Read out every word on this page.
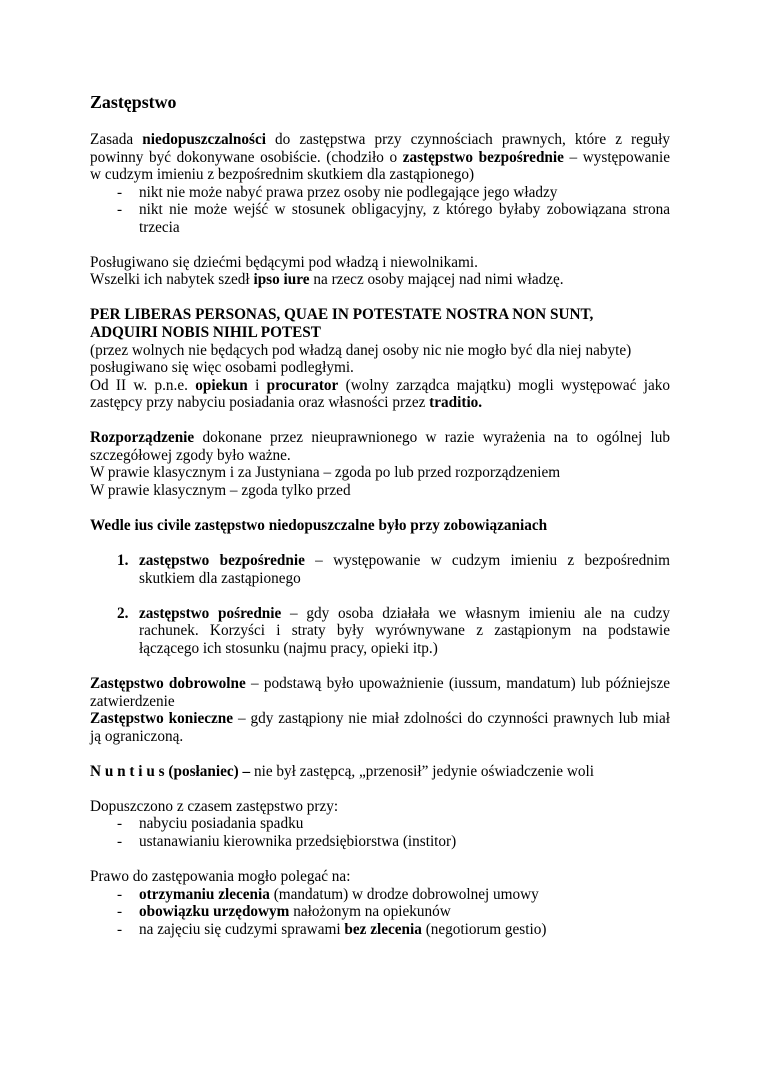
Zastępstwo
Zasada niedopuszczalności do zastępstwa przy czynnościach prawnych, które z reguły
powinny być dokonywane osobiście. (chodziło o zastępstwo bezpośrednie – występowanie
w cudzym imieniu z bezpośrednim skutkiem dla zastąpionego)
- nikt nie może nabyć prawa przez osoby nie podlegające jego władzy
- nikt nie może wejść w stosunek obligacyjny, z którego byłaby zobowiązana strona
trzecia
Posługiwano się dziećmi będącymi pod władzą i niewolnikami.
Wszelki ich nabytek szedł ipso iure na rzecz osoby mającej nad nimi władzę.
PER LIBERAS PERSONAS, QUAE IN POTESTATE NOSTRA NON SUNT,
ADQUIRI NOBIS NIHIL POTEST
(przez wolnych nie będących pod władzą danej osoby nic nie mogło być dla niej nabyte)
posługiwano się więc osobami podległymi.
Od II w. p.n.e. opiekun i procurator (wolny zarządca majątku) mogli występować jako
zastępcy przy nabyciu posiadania oraz własności przez traditio.
Rozporządzenie dokonane przez nieuprawnionego w razie wyrażenia na to ogólnej lub
szczegółowej zgody było ważne.
W prawie klasycznym i za Justyniana – zgoda po lub przed rozporządzeniem
W prawie klasycznym – zgoda tylko przed
Wedle ius civile zastępstwo niedopuszczalne było przy zobowiązaniach
1. zastępstwo bezpośrednie – występowanie w cudzym imieniu z bezpośrednim
skutkiem dla zastąpionego
2. zastępstwo pośrednie – gdy osoba działała we własnym imieniu ale na cudzy
rachunek. Korzyści i straty były wyrównywane z zastąpionym na podstawie
łączącego ich stosunku (najmu pracy, opieki itp.)
Zastępstwo dobrowolne – podstawą było upoważnienie (iussum, mandatum) lub późniejsze
zatwierdzenie
Zastępstwo konieczne – gdy zastąpiony nie miał zdolności do czynności prawnych lub miał
ją ograniczoną.
N u n t i u s (posłaniec) – nie był zastępcą, „przenosił” jedynie oświadczenie woli
Dopuszczono z czasem zastępstwo przy:
- nabyciu posiadania spadku
- ustanawianiu kierownika przedsiębiorstwa (institor)
Prawo do zastępowania mogło polegać na:
- otrzymaniu zlecenia (mandatum) w drodze dobrowolnej umowy
- obowiązku urzędowym nałożonym na opiekunów
- na zajęciu się cudzymi sprawami bez zlecenia (negotiorum gestio)
